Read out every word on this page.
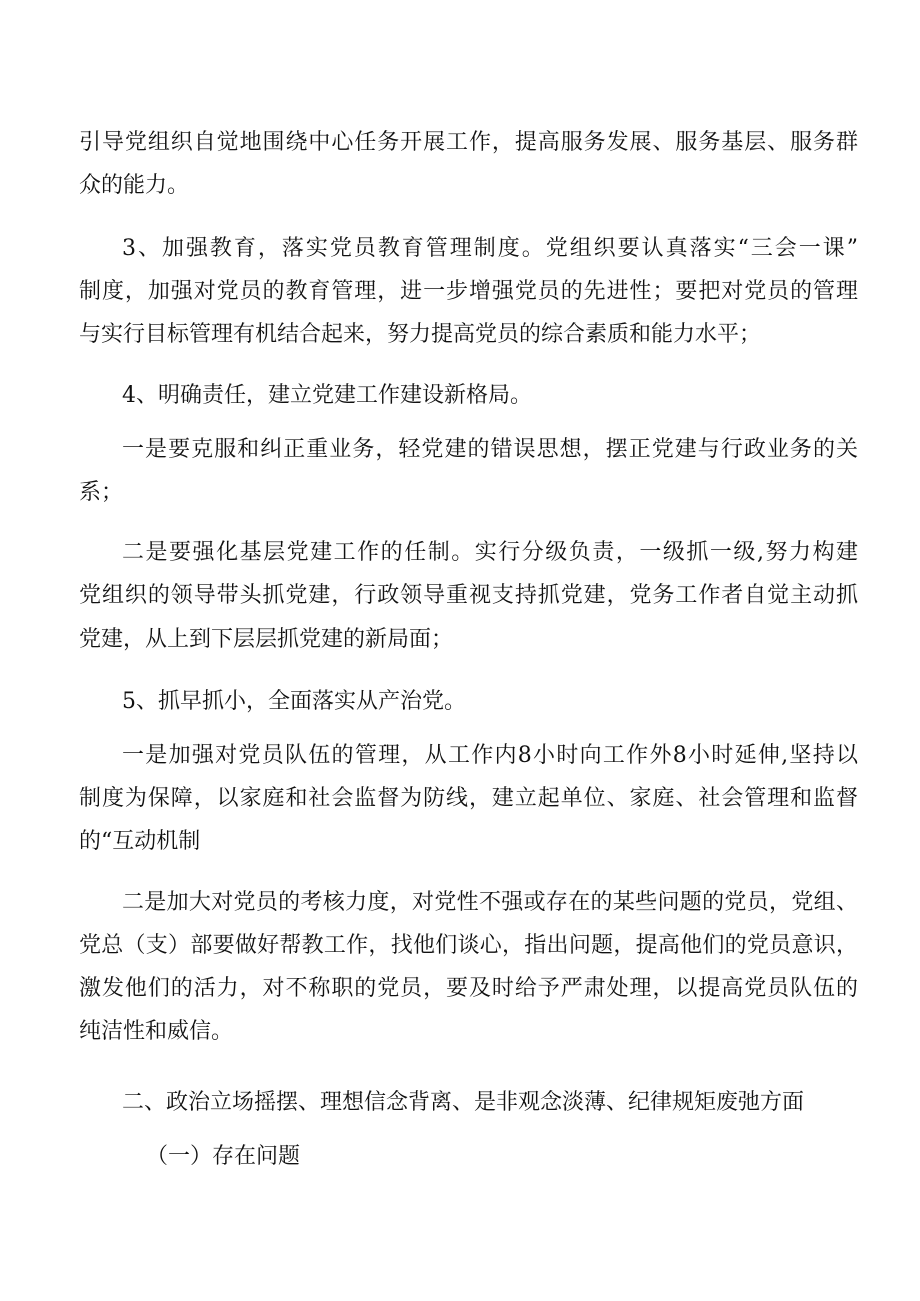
引导党组织自觉地围绕中心任务开展工作，提高服务发展、服务基层、服务群
众的能力。
3、加强教育，落实党员教育管理制度。党组织要认真落实“三会一课”
制度，加强对党员的教育管理，进一步增强党员的先进性；要把对党员的管理
与实行目标管理有机结合起来，努力提高党员的综合素质和能力水平；
4、明确责任，建立党建工作建设新格局。
一是要克服和纠正重业务，轻党建的错误思想，摆正党建与行政业务的关
系；
二是要强化基层党建工作的任制。实行分级负责，一级抓一级,努力构建
党组织的领导带头抓党建，行政领导重视支持抓党建，党务工作者自觉主动抓
党建，从上到下层层抓党建的新局面；
5、抓早抓小，全面落实从产治党。
一是加强对党员队伍的管理，从工作内8小时向工作外8小时延伸,坚持以
制度为保障，以家庭和社会监督为防线，建立起单位、家庭、社会管理和监督
的“互动机制
二是加大对党员的考核力度，对党性不强或存在的某些问题的党员，党组、
党总（支）部要做好帮教工作，找他们谈心，指出问题，提高他们的党员意识，
激发他们的活力，对不称职的党员，要及时给予严肃处理，以提高党员队伍的
纯洁性和威信。
二、政治立场摇摆、理想信念背离、是非观念淡薄、纪律规矩废弛方面
（一）存在问题
